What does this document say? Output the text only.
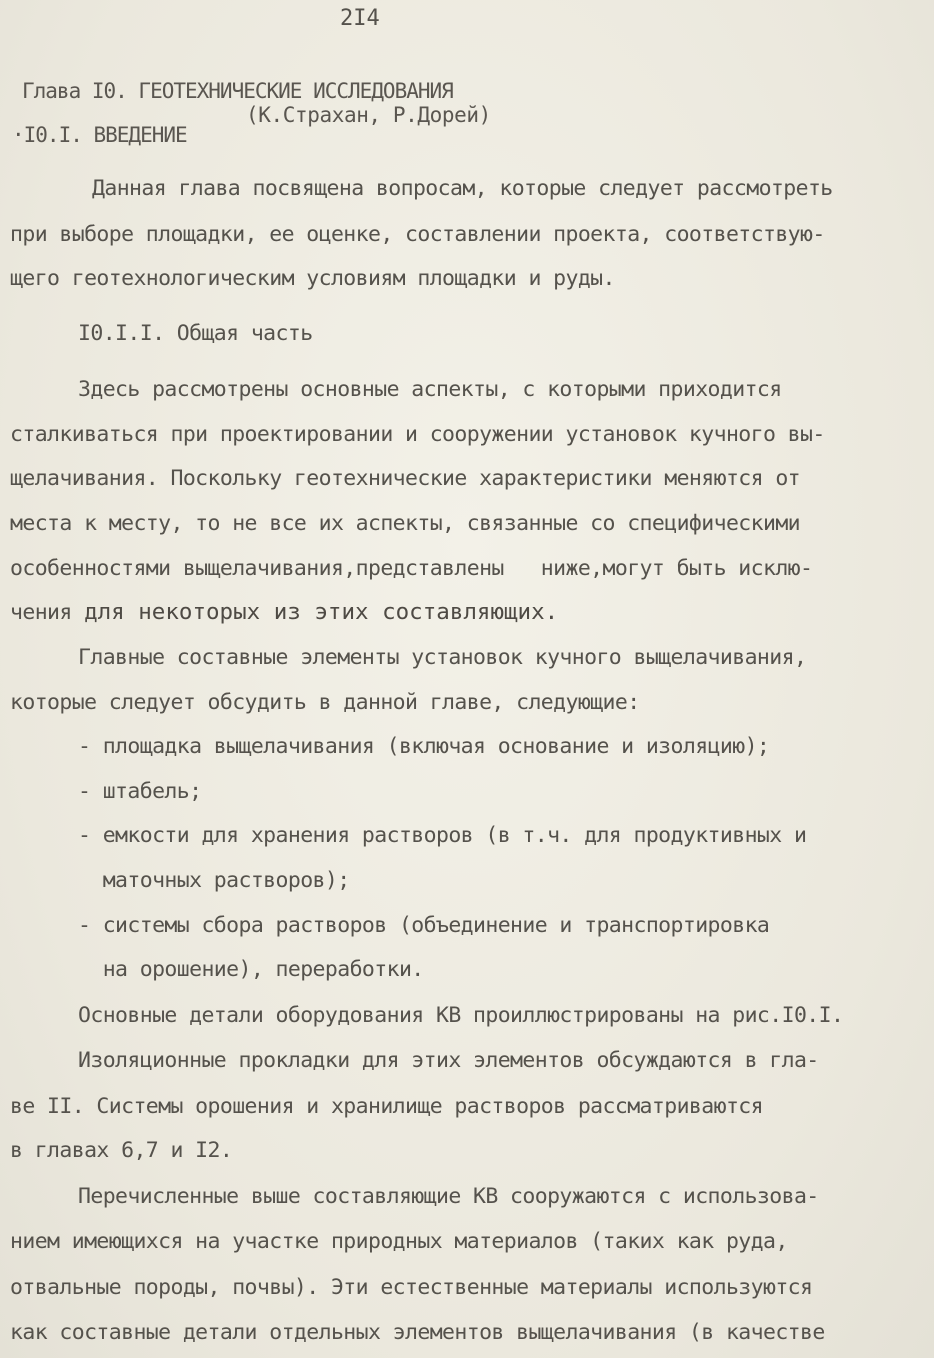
2I4
Глава I0. ГЕОТЕХНИЧЕСКИЕ ИССЛЕДОВАНИЯ
(К.Страхан, Р.Дорей)
·I0.I. ВВЕДЕНИЕ
Данная глава посвящена вопросам, которые следует рассмотреть
при выборе площадки, ее оценке, составлении проекта, соответствую-
щего геотехнологическим условиям площадки и руды.
I0.I.I. Общая часть
Здесь рассмотрены основные аспекты, с которыми приходится
сталкиваться при проектировании и сооружении установок кучного вы-
щелачивания. Поскольку геотехнические характеристики меняются от
места к месту, то не все их аспекты, связанные со специфическими
особенностями выщелачивания,представлены   ниже,могут быть исклю-
чения для некоторых из этих составляющих.
Главные составные элементы установок кучного выщелачивания,
которые следует обсудить в данной главе, следующие:
- площадка выщелачивания (включая основание и изоляцию);
- штабель;
- емкости для хранения растворов (в т.ч. для продуктивных и
маточных растворов);
- системы сбора растворов (объединение и транспортировка
на орошение), переработки.
Основные детали оборудования КВ проиллюстрированы на рис.I0.I.
Изоляционные прокладки для этих элементов обсуждаются в гла-
ве II. Системы орошения и хранилище растворов рассматриваются
в главах 6,7 и I2.
Перечисленные выше составляющие КВ сооружаются с использова-
нием имеющихся на участке природных материалов (таких как руда,
отвальные породы, почвы). Эти естественные материалы используются
как составные детали отдельных элементов выщелачивания (в качестве
